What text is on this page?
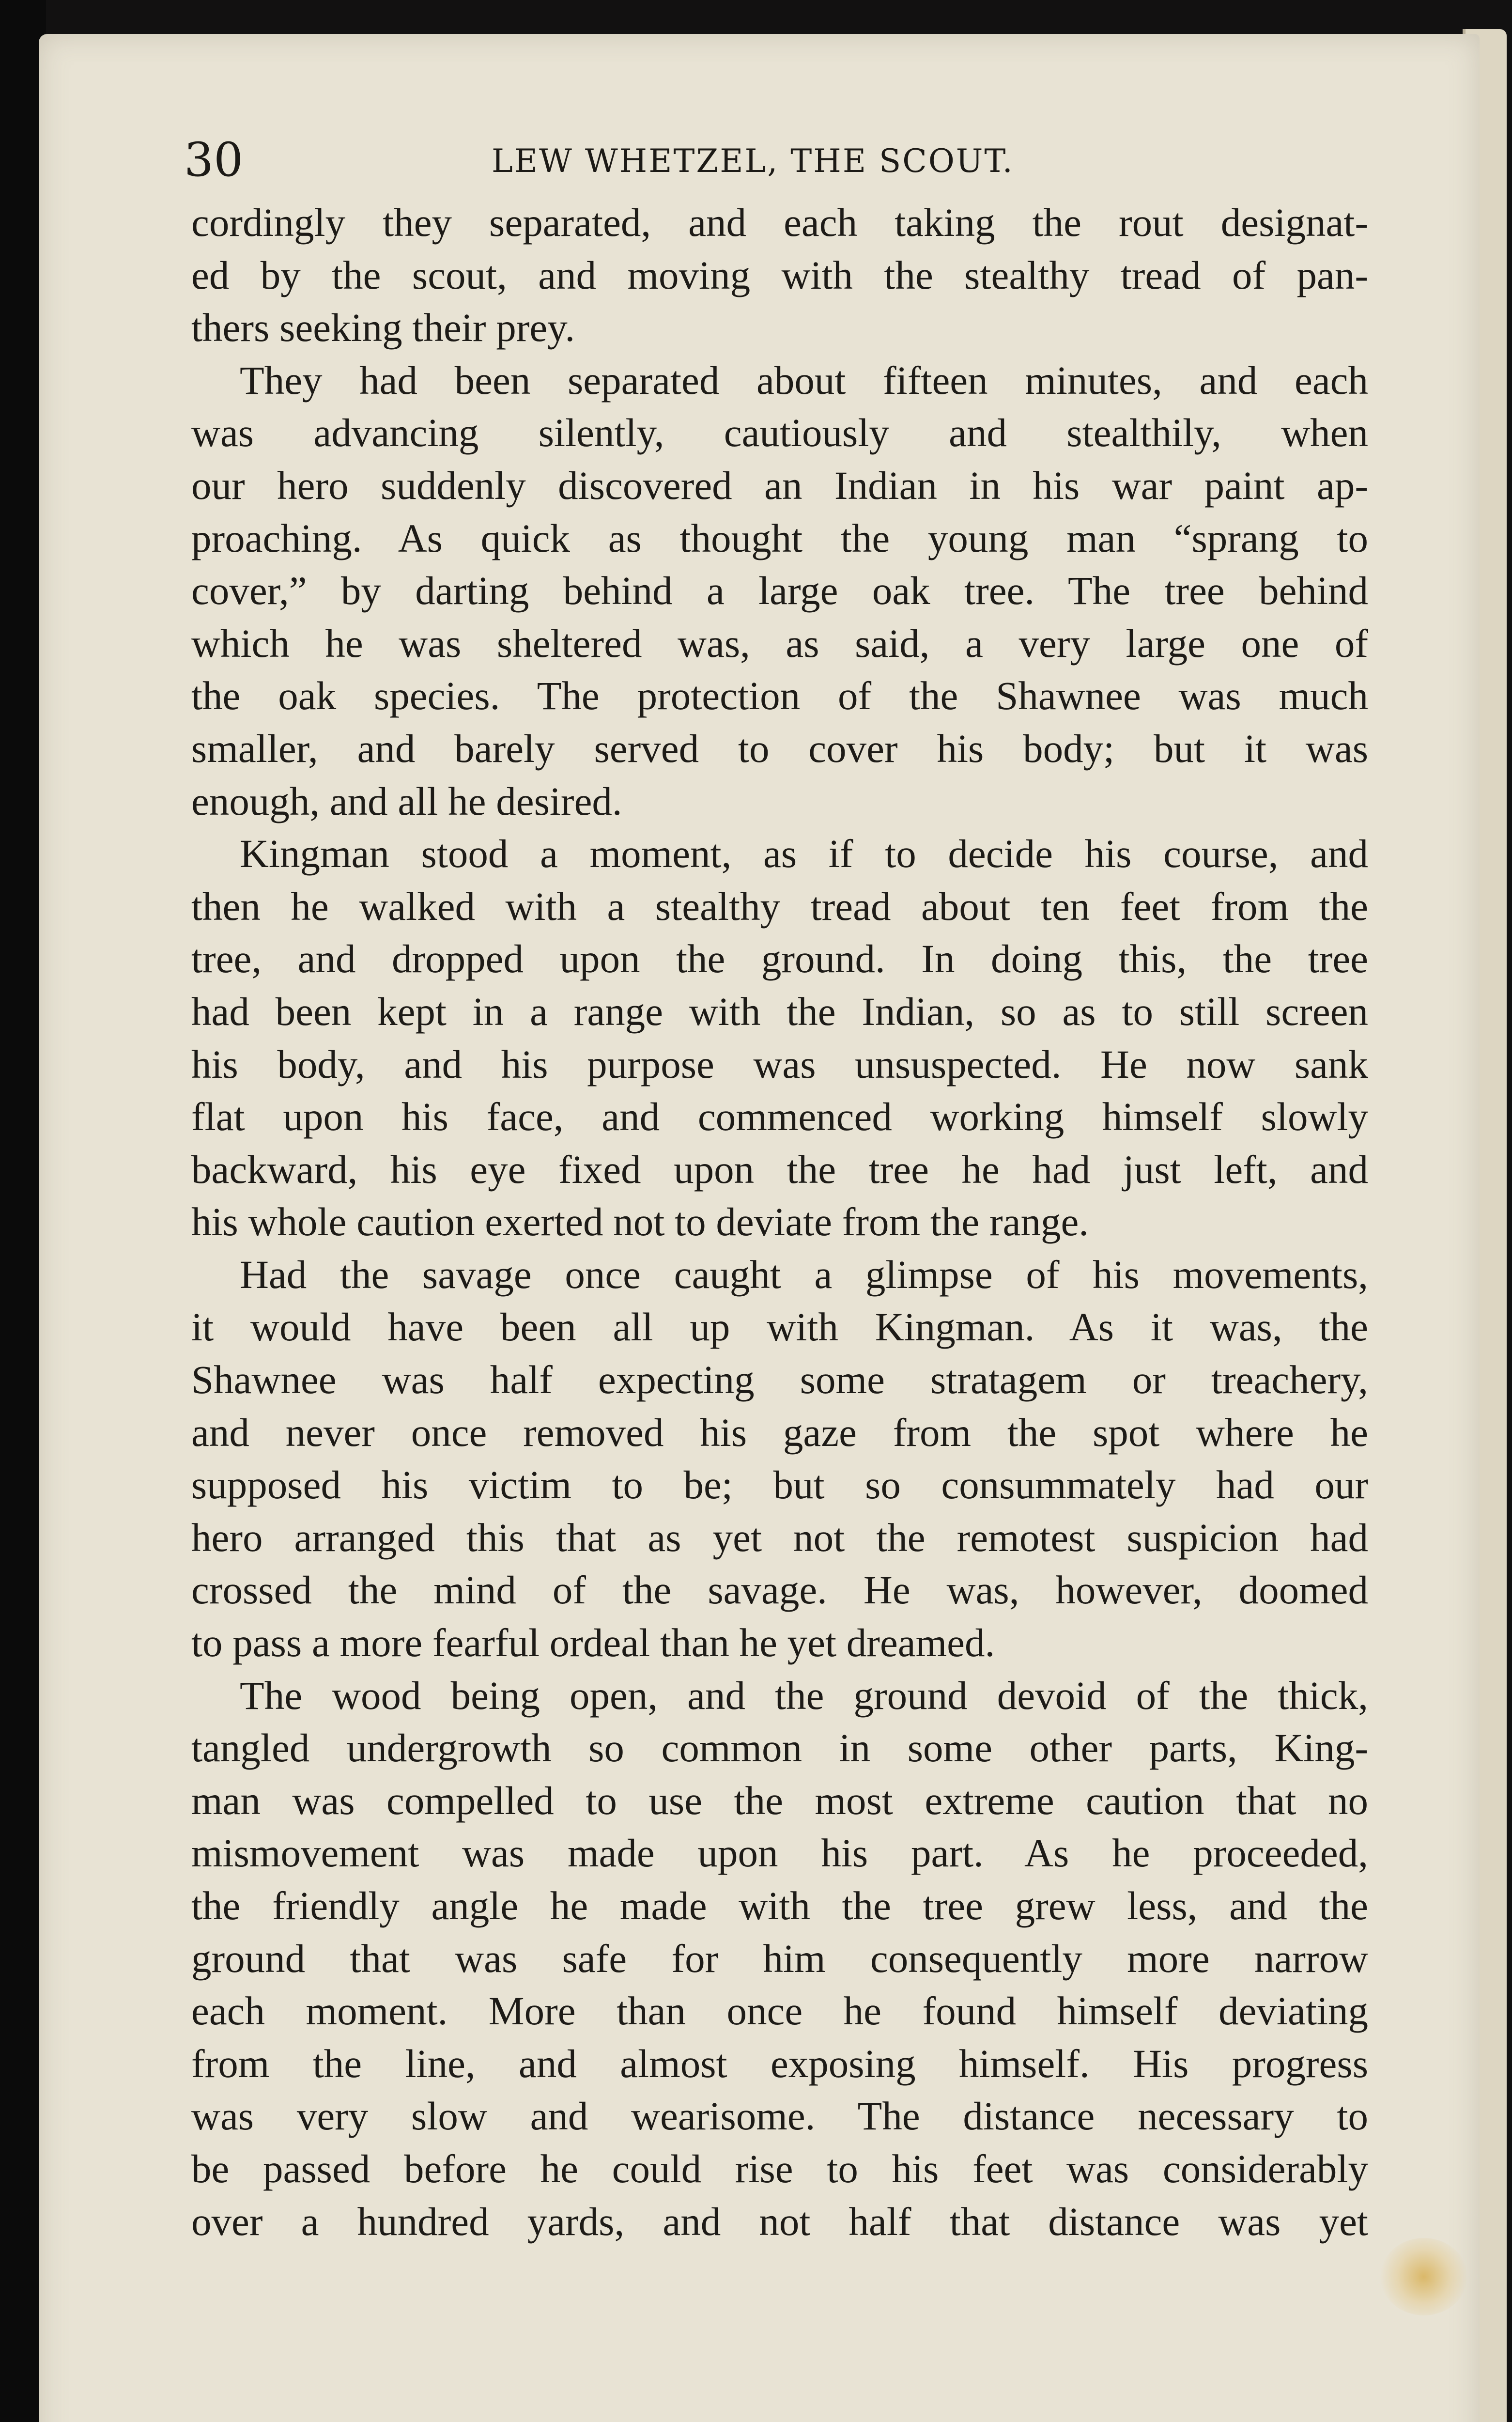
30	LEW WHETZEL, THE SCOUT.
cordingly they separated, and each taking the rout designat-
ed by the scout, and moving with the stealthy tread of pan-
thers seeking their prey.
They had been separated about fifteen minutes, and each
was advancing silently, cautiously and stealthily, when
our hero suddenly discovered an Indian in his war paint ap-
proaching. As quick as thought the young man “sprang to
cover,” by darting behind a large oak tree. The tree behind
which he was sheltered was, as said, a very large one of
the oak species. The protection of the Shawnee was much
smaller, and barely served to cover his body; but it was
enough, and all he desired.
Kingman stood a moment, as if to decide his course, and
then he walked with a stealthy tread about ten feet from the
tree, and dropped upon the ground. In doing this, the tree
had been kept in a range with the Indian, so as to still screen
his body, and his purpose was unsuspected. He now sank
flat upon his face, and commenced working himself slowly
backward, his eye fixed upon the tree he had just left, and
his whole caution exerted not to deviate from the range.
Had the savage once caught a glimpse of his movements,
it would have been all up with Kingman. As it was, the
Shawnee was half expecting some stratagem or treachery,
and never once removed his gaze from the spot where he
supposed his victim to be; but so consummately had our
hero arranged this that as yet not the remotest suspicion had
crossed the mind of the savage. He was, however, doomed
to pass a more fearful ordeal than he yet dreamed.
The wood being open, and the ground devoid of the thick,
tangled undergrowth so common in some other parts, King-
man was compelled to use the most extreme caution that no
mismovement was made upon his part. As he proceeded,
the friendly angle he made with the tree grew less, and the
ground that was safe for him consequently more narrow
each moment. More than once he found himself deviating
from the line, and almost exposing himself. His progress
was very slow and wearisome. The distance necessary to
be passed before he could rise to his feet was considerably
over a hundred yards, and not half that distance was yet
